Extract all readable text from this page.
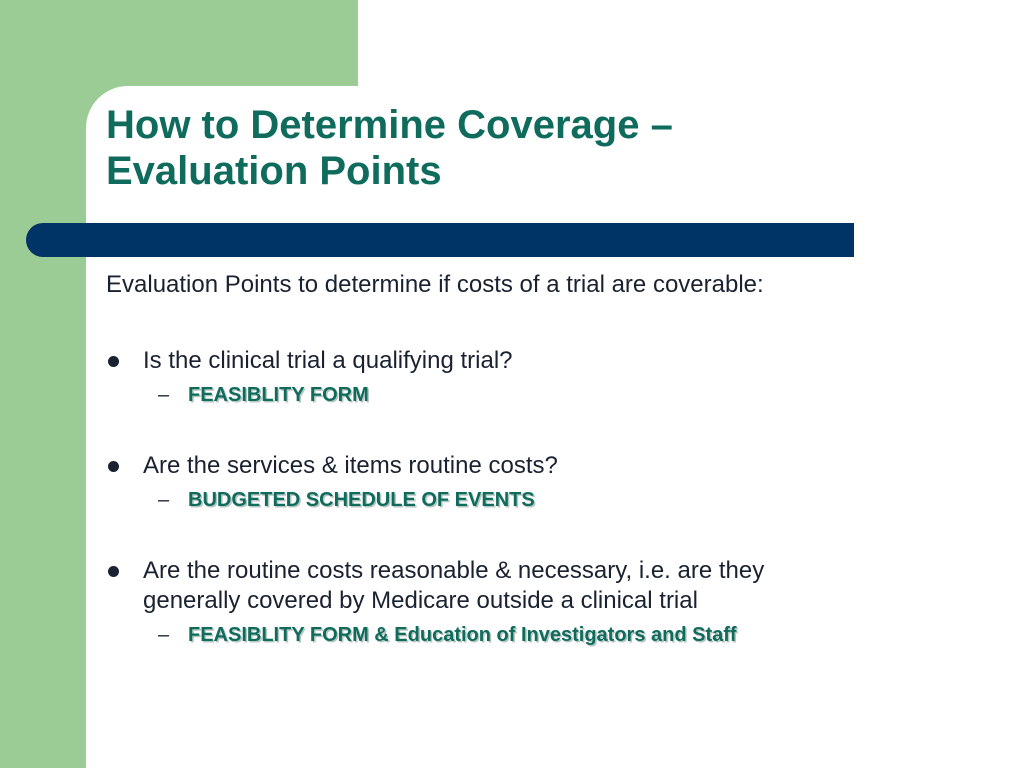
How to Determine Coverage –
Evaluation Points

Evaluation Points to determine if costs of a trial are coverable:

Is the clinical trial a qualifying trial?
– FEASIBLITY FORM
Are the services & items routine costs?
– BUDGETED SCHEDULE OF EVENTS
Are the routine costs reasonable & necessary, i.e. are they
generally covered by Medicare outside a clinical trial
– FEASIBLITY FORM & Education of Investigators and Staff
